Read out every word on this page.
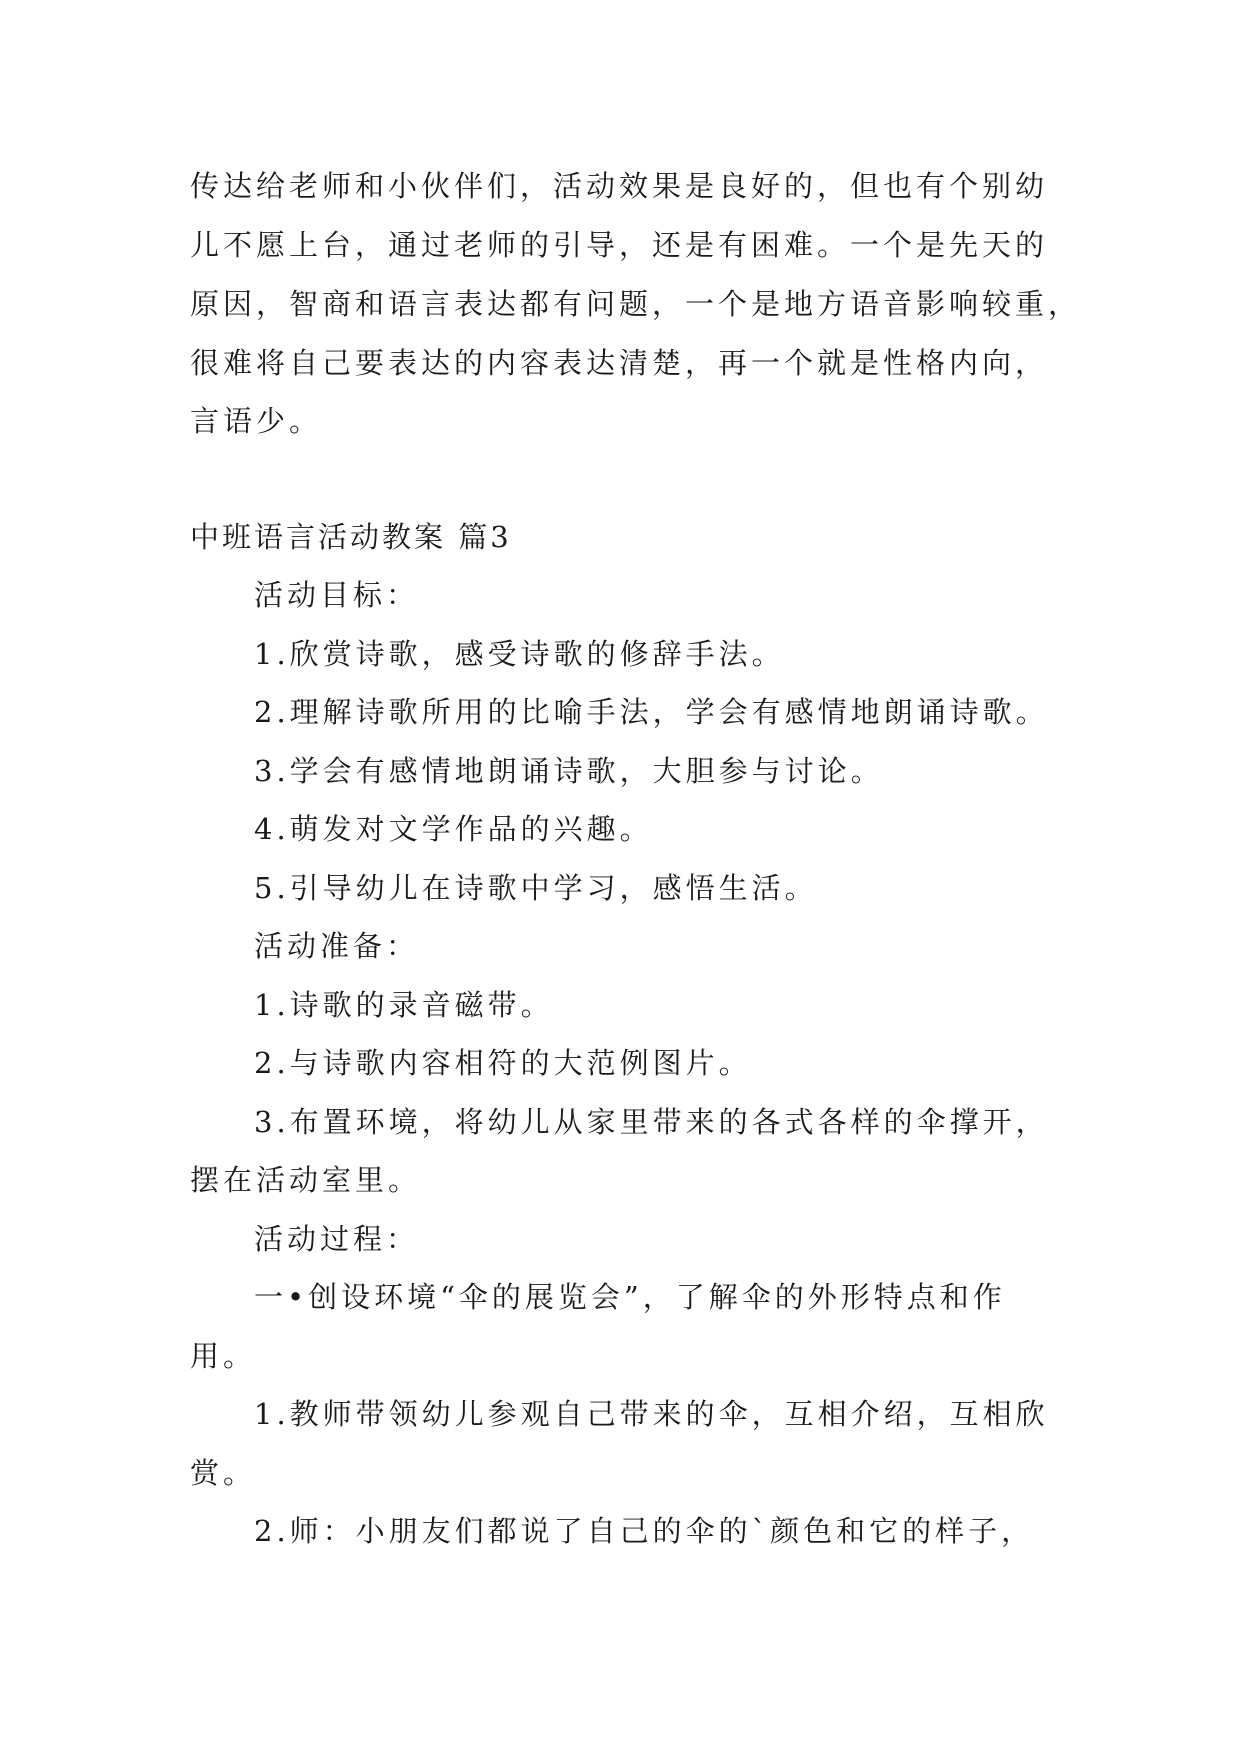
传达给老师和小伙伴们，活动效果是良好的，但也有个别幼
儿不愿上台，通过老师的引导，还是有困难。一个是先天的
原因，智商和语言表达都有问题，一个是地方语音影响较重，
很难将自己要表达的内容表达清楚，再一个就是性格内向，
言语少。
中班语言活动教案 篇3
活动目标：
1.欣赏诗歌，感受诗歌的修辞手法。
2.理解诗歌所用的比喻手法，学会有感情地朗诵诗歌。
3.学会有感情地朗诵诗歌，大胆参与讨论。
4.萌发对文学作品的兴趣。
5.引导幼儿在诗歌中学习，感悟生活。
活动准备：
1.诗歌的录音磁带。
2.与诗歌内容相符的大范例图片。
3.布置环境，将幼儿从家里带来的各式各样的伞撑开，
摆在活动室里。
活动过程：
一•创设环境“伞的展览会”，了解伞的外形特点和作
用。
1.教师带领幼儿参观自己带来的伞，互相介绍，互相欣
赏。
2.师：小朋友们都说了自己的伞的`颜色和它的样子，
